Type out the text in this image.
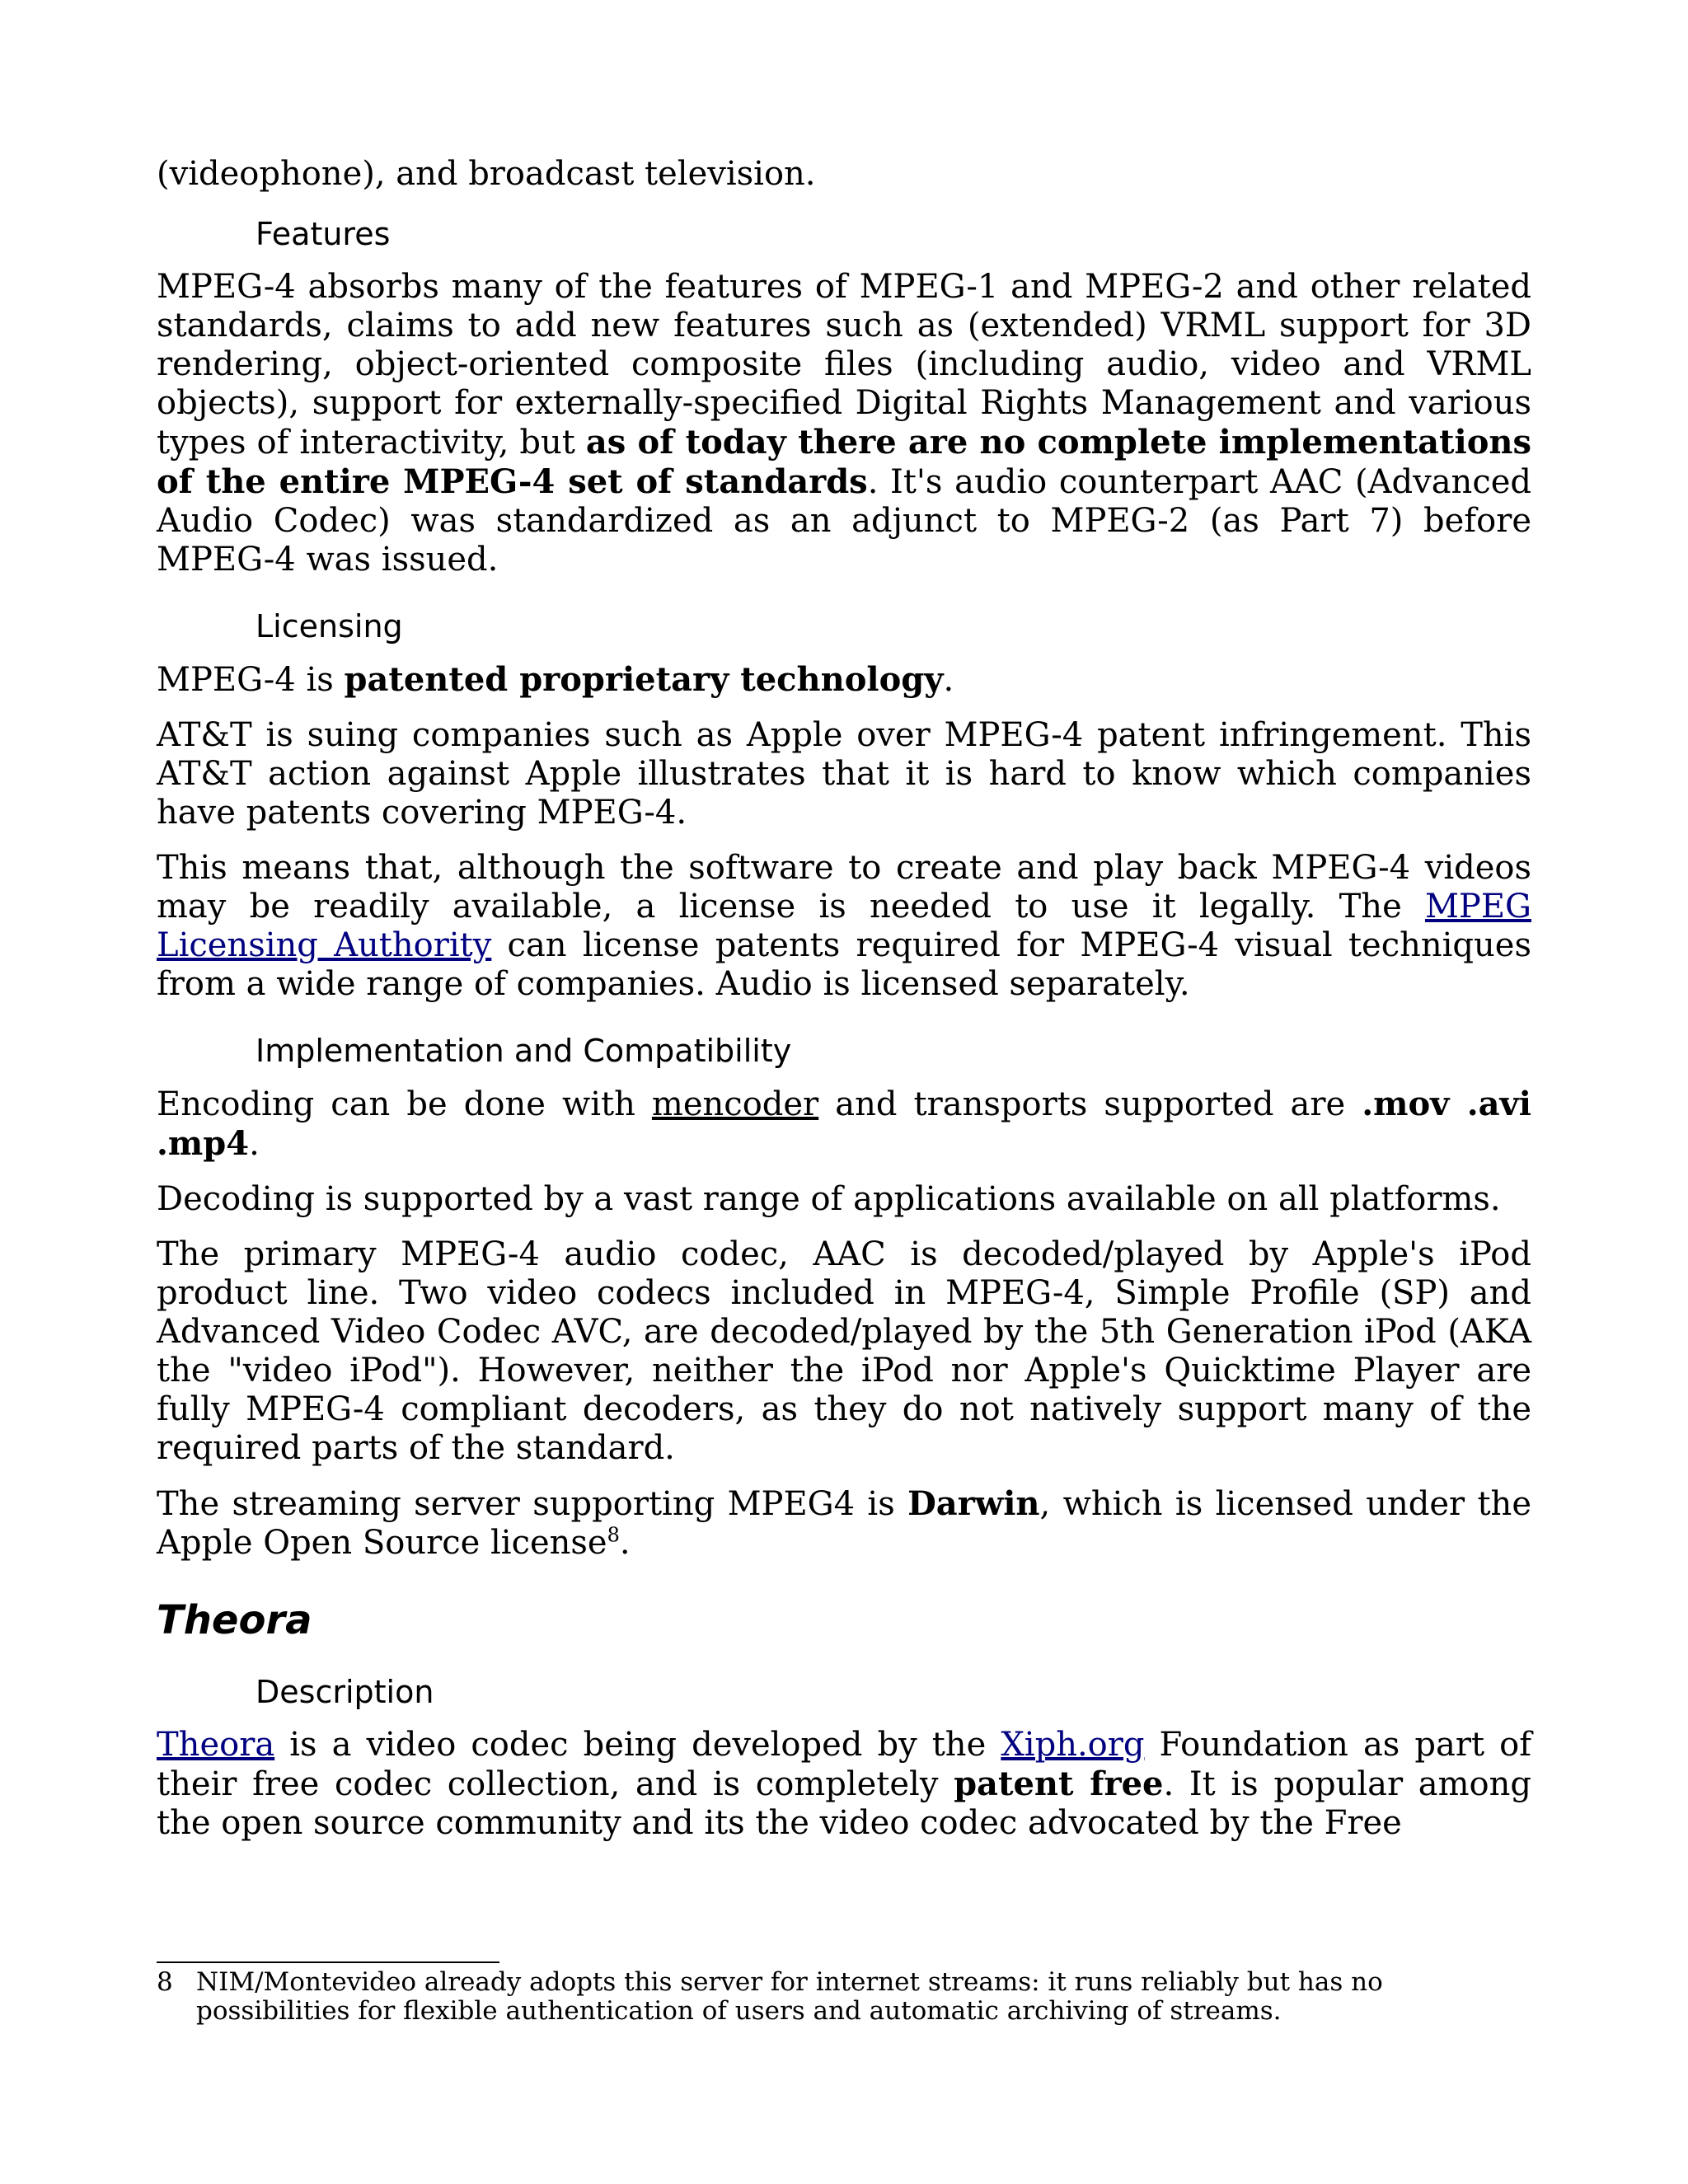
(videophone), and broadcast television.

Features

MPEG-4 absorbs many of the features of MPEG-1 and MPEG-2 and other related standards, claims to add new features such as (extended) VRML support for 3D rendering, object-oriented composite files (including audio, video and VRML objects), support for externally-specified Digital Rights Management and various types of interactivity, but as of today there are no complete implementations of the entire MPEG-4 set of standards. It's audio counterpart AAC (Advanced Audio Codec) was standardized as an adjunct to MPEG-2 (as Part 7) before MPEG-4 was issued.

Licensing

MPEG-4 is patented proprietary technology.

AT&T is suing companies such as Apple over MPEG-4 patent infringement. This AT&T action against Apple illustrates that it is hard to know which companies have patents covering MPEG-4.

This means that, although the software to create and play back MPEG-4 videos may be readily available, a license is needed to use it legally. The MPEG Licensing Authority can license patents required for MPEG-4 visual techniques from a wide range of companies. Audio is licensed separately.

Implementation and Compatibility

Encoding can be done with mencoder and transports supported are .mov .avi .mp4.

Decoding is supported by a vast range of applications available on all platforms.

The primary MPEG-4 audio codec, AAC is decoded/played by Apple's iPod product line. Two video codecs included in MPEG-4, Simple Profile (SP) and Advanced Video Codec AVC, are decoded/played by the 5th Generation iPod (AKA the "video iPod"). However, neither the iPod nor Apple's Quicktime Player are fully MPEG-4 compliant decoders, as they do not natively support many of the required parts of the standard.

The streaming server supporting MPEG4 is Darwin, which is licensed under the Apple Open Source license$^8$.

Theora
Description

Theora is a video codec being developed by the Xiph.org Foundation as part of their free codec collection, and is completely patent free. It is popular among the open source community and its the video codec advocated by the Free

8 NIM/Montevideo already adopts this server for internet streams: it runs reliably but has no possibilities for flexible authentication of users and automatic archiving of streams.
